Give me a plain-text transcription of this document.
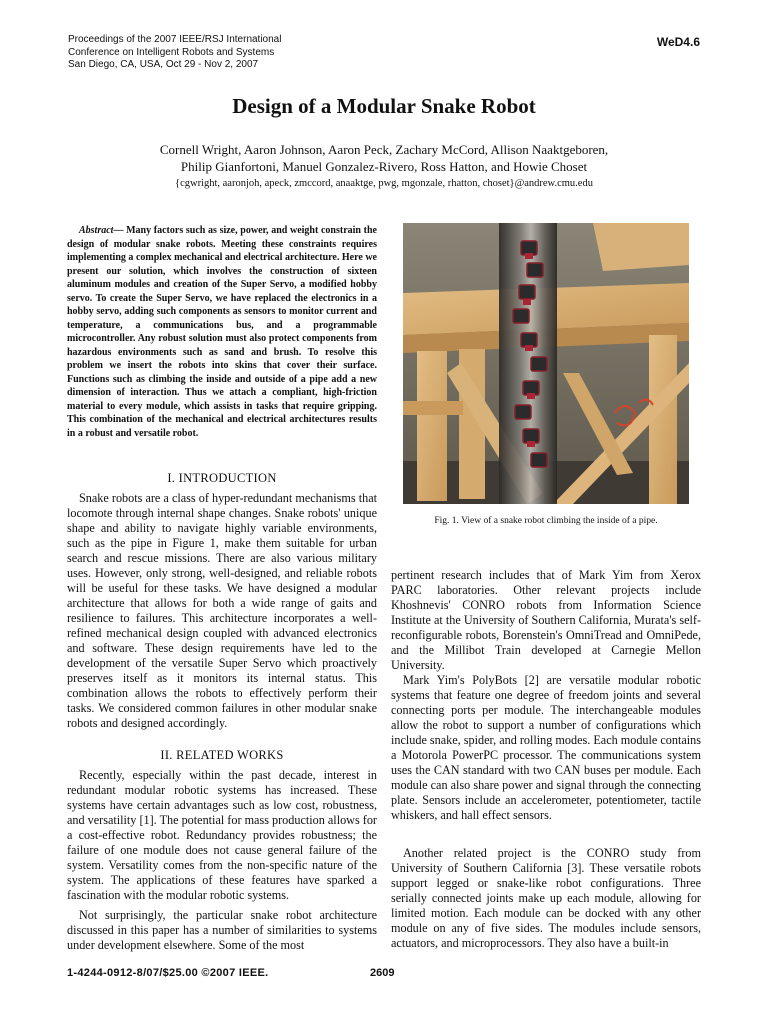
Proceedings of the 2007 IEEE/RSJ International
Conference on Intelligent Robots and Systems
San Diego, CA, USA, Oct 29 - Nov 2, 2007
WeD4.6
Design of a Modular Snake Robot
Cornell Wright, Aaron Johnson, Aaron Peck, Zachary McCord, Allison Naaktgeboren,
Philip Gianfortoni, Manuel Gonzalez-Rivero, Ross Hatton, and Howie Choset
{cgwright, aaronjoh, apeck, zmccord, anaaktge, pwg, mgonzale, rhatton, choset}@andrew.cmu.edu
Abstract— Many factors such as size, power, and weight constrain the design of modular snake robots. Meeting these constraints requires implementing a complex mechanical and electrical architecture. Here we present our solution, which involves the construction of sixteen aluminum modules and creation of the Super Servo, a modified hobby servo. To create the Super Servo, we have replaced the electronics in a hobby servo, adding such components as sensors to monitor current and temperature, a communications bus, and a programmable microcontroller. Any robust solution must also protect components from hazardous environments such as sand and brush. To resolve this problem we insert the robots into skins that cover their surface. Functions such as climbing the inside and outside of a pipe add a new dimension of interaction. Thus we attach a compliant, high-friction material to every module, which assists in tasks that require gripping. This combination of the mechanical and electrical architectures results in a robust and versatile robot.
I. INTRODUCTION
Snake robots are a class of hyper-redundant mechanisms that locomote through internal shape changes. Snake robots' unique shape and ability to navigate highly variable environments, such as the pipe in Figure 1, make them suitable for urban search and rescue missions. There are also various military uses. However, only strong, well-designed, and reliable robots will be useful for these tasks. We have designed a modular architecture that allows for both a wide range of gaits and resilience to failures. This architecture incorporates a well-refined mechanical design coupled with advanced electronics and software. These design requirements have led to the development of the versatile Super Servo which proactively preserves itself as it monitors its internal status. This combination allows the robots to effectively perform their tasks. We considered common failures in other modular snake robots and designed accordingly.
II. RELATED WORKS
Recently, especially within the past decade, interest in redundant modular robotic systems has increased. These systems have certain advantages such as low cost, robustness, and versatility [1]. The potential for mass production allows for a cost-effective robot. Redundancy provides robustness; the failure of one module does not cause general failure of the system. Versatility comes from the non-specific nature of the system. The applications of these features have sparked a fascination with the modular robotic systems.
Not surprisingly, the particular snake robot architecture discussed in this paper has a number of similarities to systems under development elsewhere. Some of the most
Fig. 1. View of a snake robot climbing the inside of a pipe.
pertinent research includes that of Mark Yim from Xerox PARC laboratories. Other relevant projects include Khoshnevis' CONRO robots from Information Science Institute at the University of Southern California, Murata's self-reconfigurable robots, Borenstein's OmniTread and OmniPede, and the Millibot Train developed at Carnegie Mellon University.
Mark Yim's PolyBots [2] are versatile modular robotic systems that feature one degree of freedom joints and several connecting ports per module. The interchangeable modules allow the robot to support a number of configurations which include snake, spider, and rolling modes. Each module contains a Motorola PowerPC processor. The communications system uses the CAN standard with two CAN buses per module. Each module can also share power and signal through the connecting plate. Sensors include an accelerometer, potentiometer, tactile whiskers, and hall effect sensors.
Another related project is the CONRO study from University of Southern California [3]. These versatile robots support legged or snake-like robot configurations. Three serially connected joints make up each module, allowing for limited motion. Each module can be docked with any other module on any of five sides. The modules include sensors, actuators, and microprocessors. They also have a built-in
1-4244-0912-8/07/$25.00 ©2007 IEEE.	2609
